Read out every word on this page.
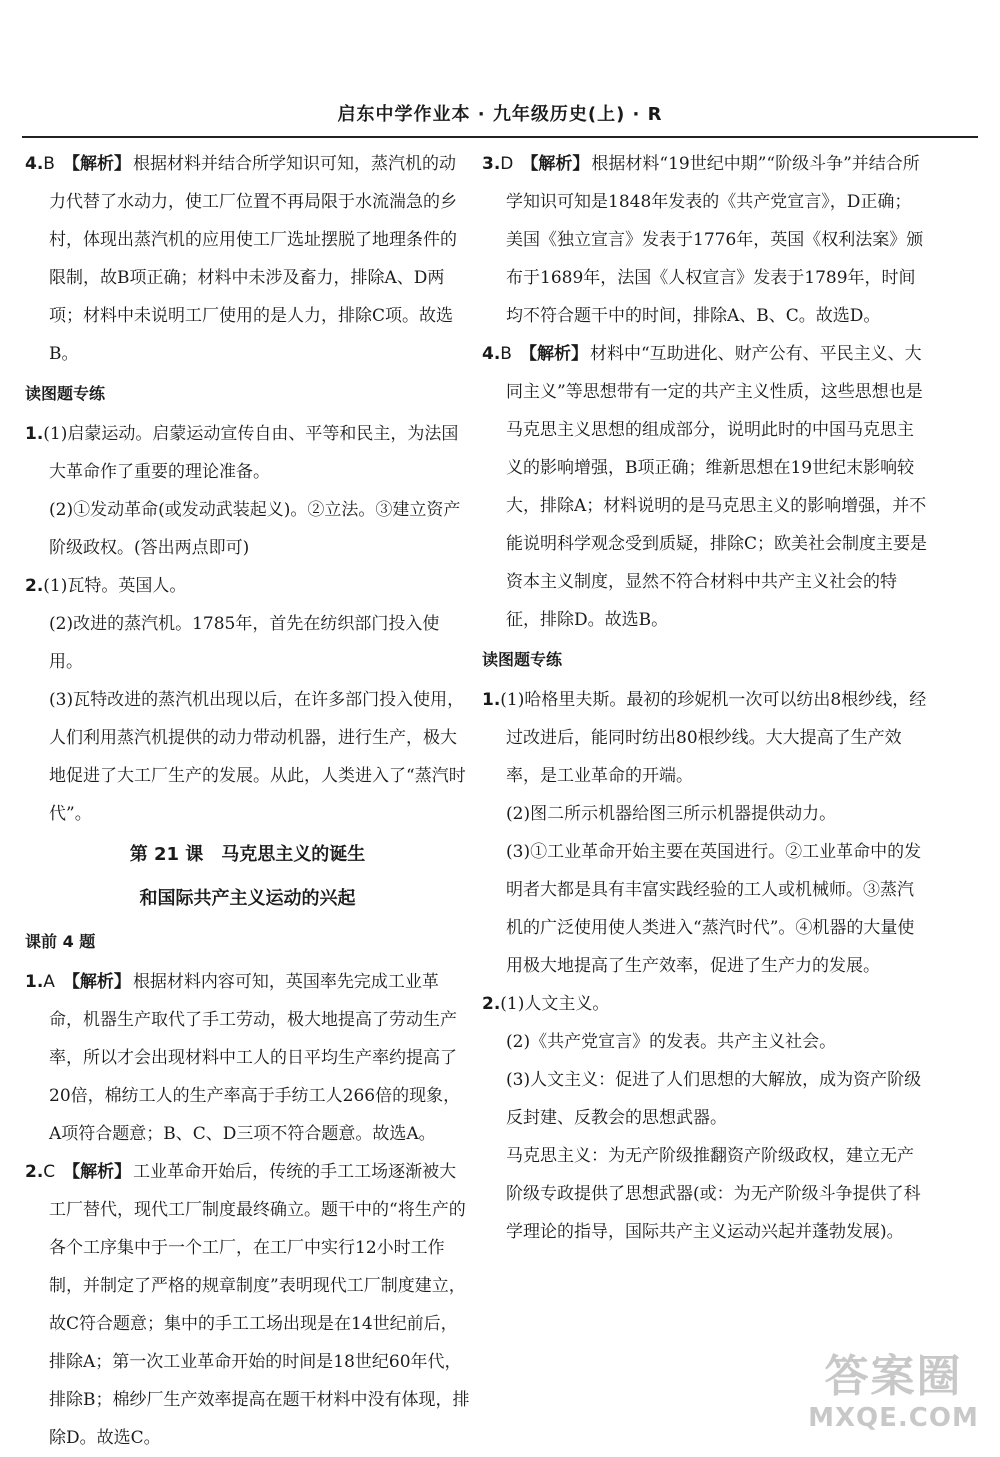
启东中学作业本 · 九年级历史(上) · R

4.B 【解析】 根据材料并结合所学知识可知，蒸汽机的动力代替了水动力，使工厂位置不再局限于水流湍急的乡村，体现出蒸汽机的应用使工厂选址摆脱了地理条件的限制，故B项正确；材料中未涉及畜力，排除A、D两项；材料中未说明工厂使用的是人力，排除C项。故选B。

读图题专练

1.(1)启蒙运动。启蒙运动宣传自由、平等和民主，为法国大革命作了重要的理论准备。

(2)①发动革命(或发动武装起义)。②立法。③建立资产阶级政权。(答出两点即可)

2.(1)瓦特。英国人。

(2)改进的蒸汽机。1785年，首先在纺织部门投入使用。

(3)瓦特改进的蒸汽机出现以后，在许多部门投入使用，人们利用蒸汽机提供的动力带动机器，进行生产，极大地促进了大工厂生产的发展。从此，人类进入了“蒸汽时代”。

第 21 课　马克思主义的诞生
和国际共产主义运动的兴起
课前 4 题

1.A 【解析】 根据材料内容可知，英国率先完成工业革命，机器生产取代了手工劳动，极大地提高了劳动生产率，所以才会出现材料中工人的日平均生产率约提高了20倍，棉纺工人的生产率高于手纺工人266倍的现象，A项符合题意；B、C、D三项不符合题意。故选A。

2.C 【解析】 工业革命开始后，传统的手工工场逐渐被大工厂替代，现代工厂制度最终确立。题干中的“将生产的各个工序集中于一个工厂，在工厂中实行12小时工作制，并制定了严格的规章制度”表明现代工厂制度建立，故C符合题意；集中的手工工场出现是在14世纪前后，排除A；第一次工业革命开始的时间是18世纪60年代，排除B；棉纱厂生产效率提高在题干材料中没有体现，排除D。故选C。

3.D 【解析】 根据材料“19世纪中期”“阶级斗争”并结合所学知识可知是1848年发表的《共产党宣言》，D正确；美国《独立宣言》发表于1776年，英国《权利法案》颁布于1689年，法国《人权宣言》发表于1789年，时间均不符合题干中的时间，排除A、B、C。故选D。

4.B 【解析】 材料中“互助进化、财产公有、平民主义、大同主义”等思想带有一定的共产主义性质，这些思想也是马克思主义思想的组成部分，说明此时的中国马克思主义的影响增强，B项正确；维新思想在19世纪末影响较大，排除A；材料说明的是马克思主义的影响增强，并不能说明科学观念受到质疑，排除C；欧美社会制度主要是资本主义制度，显然不符合材料中共产主义社会的特征，排除D。故选B。

读图题专练

1.(1)哈格里夫斯。最初的珍妮机一次可以纺出8根纱线，经过改进后，能同时纺出80根纱线。大大提高了生产效率，是工业革命的开端。

(2)图二所示机器给图三所示机器提供动力。

(3)①工业革命开始主要在英国进行。②工业革命中的发明者大都是具有丰富实践经验的工人或机械师。③蒸汽机的广泛使用使人类进入“蒸汽时代”。④机器的大量使用极大地提高了生产效率，促进了生产力的发展。

2.(1)人文主义。

(2)《共产党宣言》的发表。共产主义社会。

(3)人文主义：促进了人们思想的大解放，成为资产阶级反封建、反教会的思想武器。

马克思主义：为无产阶级推翻资产阶级政权，建立无产阶级专政提供了思想武器(或：为无产阶级斗争提供了科学理论的指导，国际共产主义运动兴起并蓬勃发展)。

答案圈
MXQE.COM
